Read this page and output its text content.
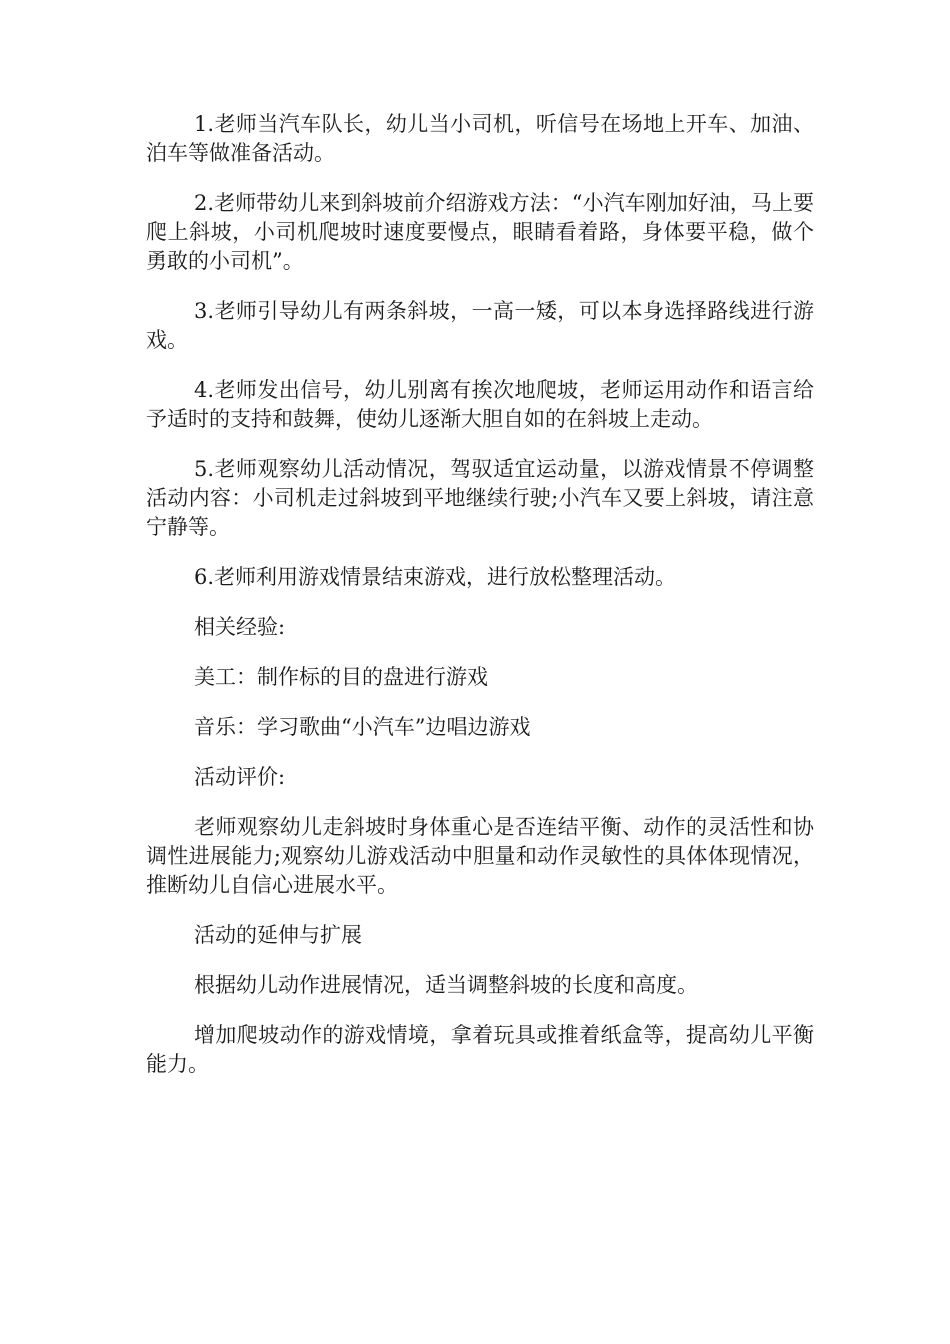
1.老师当汽车队长，幼儿当小司机，听信号在场地上开车、加油、泊车等做准备活动。

2.老师带幼儿来到斜坡前介绍游戏方法：“小汽车刚加好油，马上要爬上斜坡，小司机爬坡时速度要慢点，眼睛看着路，身体要平稳，做个勇敢的小司机”。

3.老师引导幼儿有两条斜坡，一高一矮，可以本身选择路线进行游戏。

4.老师发出信号，幼儿别离有挨次地爬坡，老师运用动作和语言给予适时的支持和鼓舞，使幼儿逐渐大胆自如的在斜坡上走动。

5.老师观察幼儿活动情况，驾驭适宜运动量，以游戏情景不停调整活动内容：小司机走过斜坡到平地继续行驶;小汽车又要上斜坡，请注意宁静等。

6.老师利用游戏情景结束游戏，进行放松整理活动。

相关经验:

美工：制作标的目的盘进行游戏

音乐：学习歌曲“小汽车”边唱边游戏

活动评价:

老师观察幼儿走斜坡时身体重心是否连结平衡、动作的灵活性和协调性进展能力;观察幼儿游戏活动中胆量和动作灵敏性的具体体现情况，推断幼儿自信心进展水平。

活动的延伸与扩展

根据幼儿动作进展情况，适当调整斜坡的长度和高度。

增加爬坡动作的游戏情境，拿着玩具或推着纸盒等，提高幼儿平衡能力。
